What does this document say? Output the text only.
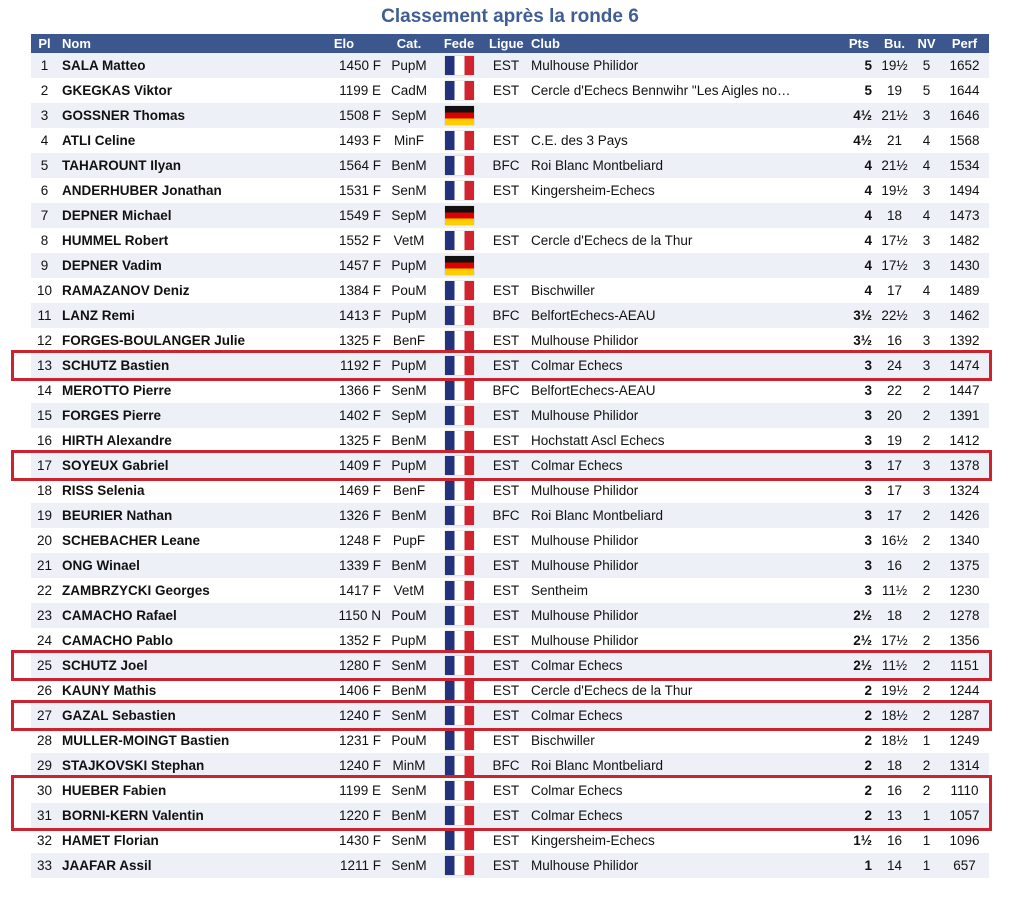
Classement après la ronde 6
Pl	Nom	Elo	Cat.	Fede	Ligue	Club	Pts	Bu.	NV	Perf
1	SALA Matteo	1450 F	PupM		EST	Mulhouse Philidor	5	19½	5	1652
2	GKEGKAS Viktor	1199 E	CadM		EST	Cercle d'Echecs Bennwihr "Les Aigles no…	5	19	5	1644
3	GOSSNER Thomas	1508 F	SepM				4½	21½	3	1646
4	ATLI Celine	1493 F	MinF		EST	C.E. des 3 Pays	4½	21	4	1568
5	TAHAROUNT Ilyan	1564 F	BenM		BFC	Roi Blanc Montbeliard	4	21½	4	1534
6	ANDERHUBER Jonathan	1531 F	SenM		EST	Kingersheim-Echecs	4	19½	3	1494
7	DEPNER Michael	1549 F	SepM				4	18	4	1473
8	HUMMEL Robert	1552 F	VetM		EST	Cercle d'Echecs de la Thur	4	17½	3	1482
9	DEPNER Vadim	1457 F	PupM				4	17½	3	1430
10	RAMAZANOV Deniz	1384 F	PouM		EST	Bischwiller	4	17	4	1489
11	LANZ Remi	1413 F	PupM		BFC	BelfortEchecs-AEAU	3½	22½	3	1462
12	FORGES-BOULANGER Julie	1325 F	BenF		EST	Mulhouse Philidor	3½	16	3	1392
13	SCHUTZ Bastien	1192 F	PupM		EST	Colmar Echecs	3	24	3	1474
14	MEROTTO Pierre	1366 F	SenM		BFC	BelfortEchecs-AEAU	3	22	2	1447
15	FORGES Pierre	1402 F	SepM		EST	Mulhouse Philidor	3	20	2	1391
16	HIRTH Alexandre	1325 F	BenM		EST	Hochstatt Ascl Echecs	3	19	2	1412
17	SOYEUX Gabriel	1409 F	PupM		EST	Colmar Echecs	3	17	3	1378
18	RISS Selenia	1469 F	BenF		EST	Mulhouse Philidor	3	17	3	1324
19	BEURIER Nathan	1326 F	BenM		BFC	Roi Blanc Montbeliard	3	17	2	1426
20	SCHEBACHER Leane	1248 F	PupF		EST	Mulhouse Philidor	3	16½	2	1340
21	ONG Winael	1339 F	BenM		EST	Mulhouse Philidor	3	16	2	1375
22	ZAMBRZYCKI Georges	1417 F	VetM		EST	Sentheim	3	11½	2	1230
23	CAMACHO Rafael	1150 N	PouM		EST	Mulhouse Philidor	2½	18	2	1278
24	CAMACHO Pablo	1352 F	PupM		EST	Mulhouse Philidor	2½	17½	2	1356
25	SCHUTZ Joel	1280 F	SenM		EST	Colmar Echecs	2½	11½	2	1151
26	KAUNY Mathis	1406 F	BenM		EST	Cercle d'Echecs de la Thur	2	19½	2	1244
27	GAZAL Sebastien	1240 F	SenM		EST	Colmar Echecs	2	18½	2	1287
28	MULLER-MOINGT Bastien	1231 F	PouM		EST	Bischwiller	2	18½	1	1249
29	STAJKOVSKI Stephan	1240 F	MinM		BFC	Roi Blanc Montbeliard	2	18	2	1314
30	HUEBER Fabien	1199 E	SenM		EST	Colmar Echecs	2	16	2	1110
31	BORNI-KERN Valentin	1220 F	BenM		EST	Colmar Echecs	2	13	1	1057
32	HAMET Florian	1430 F	SenM		EST	Kingersheim-Echecs	1½	16	1	1096
33	JAAFAR Assil	1211 F	SenM		EST	Mulhouse Philidor	1	14	1	657
